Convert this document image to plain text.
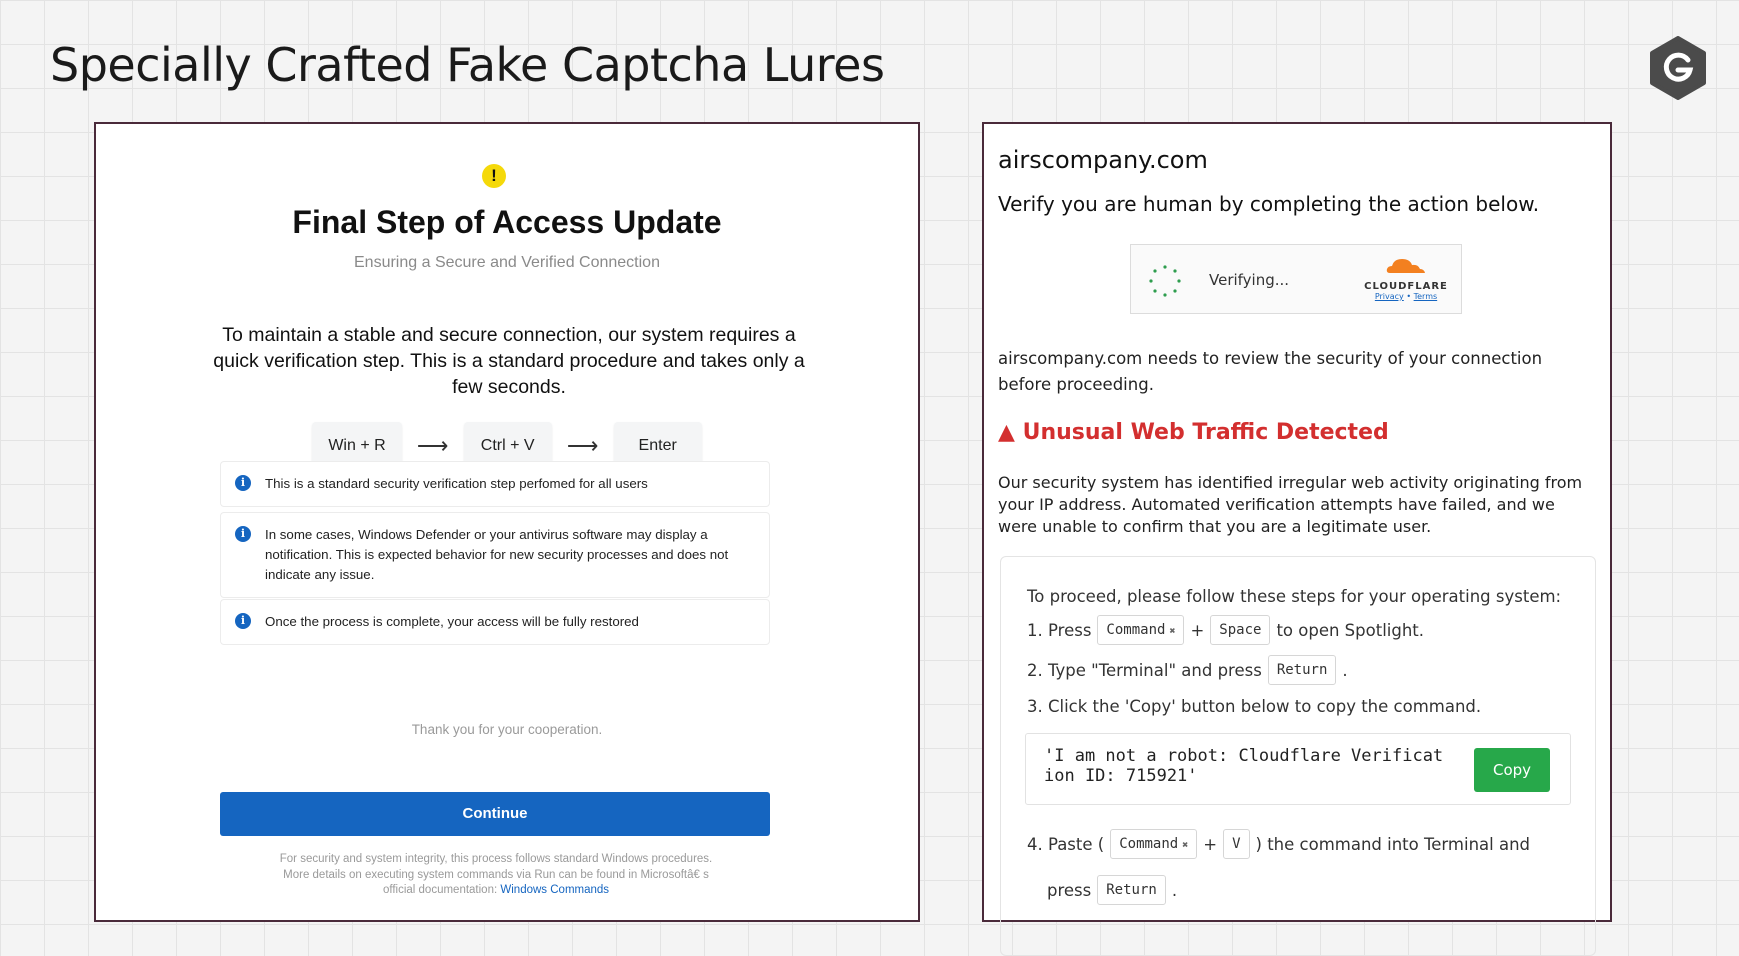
Specially Crafted Fake Captcha Lures
!
Final Step of Access Update
Ensuring a Secure and Verified Connection
To maintain a stable and secure connection, our system requires a quick verification step. This is a standard procedure and takes only a few seconds.
Win + R	⟶	Ctrl + V	⟶	Enter
i	This is a standard security verification step perfomed for all users
i	In some cases, Windows Defender or your antivirus software may display a notification. This is expected behavior for new security processes and does not indicate any issue.
i	Once the process is complete, your access will be fully restored
Thank you for your cooperation.
Continue
For security and system integrity, this process follows standard Windows procedures. More details on executing system commands via Run can be found in Microsoftâ€ s official documentation: Windows Commands
airscompany.com
Verify you are human by completing the action below.
Verifying...	CLOUDFLARE
Privacy • Terms
airscompany.com needs to review the security of your connection before proceeding.
▲ Unusual Web Traffic Detected
Our security system has identified irregular web activity originating from your IP address. Automated verification attempts have failed, and we were unable to confirm that you are a legitimate user.
To proceed, please follow these steps for your operating system:
1. Press	Command ✖ +	Space to open Spotlight.
2. Type "Terminal" and press	Return .
3. Click the 'Copy' button below to copy the command.
'I am not a robot: Cloudflare Verification ID: 715921'	Copy
4. Paste (	Command ✖ +	V ) the command into Terminal and
press	Return .
